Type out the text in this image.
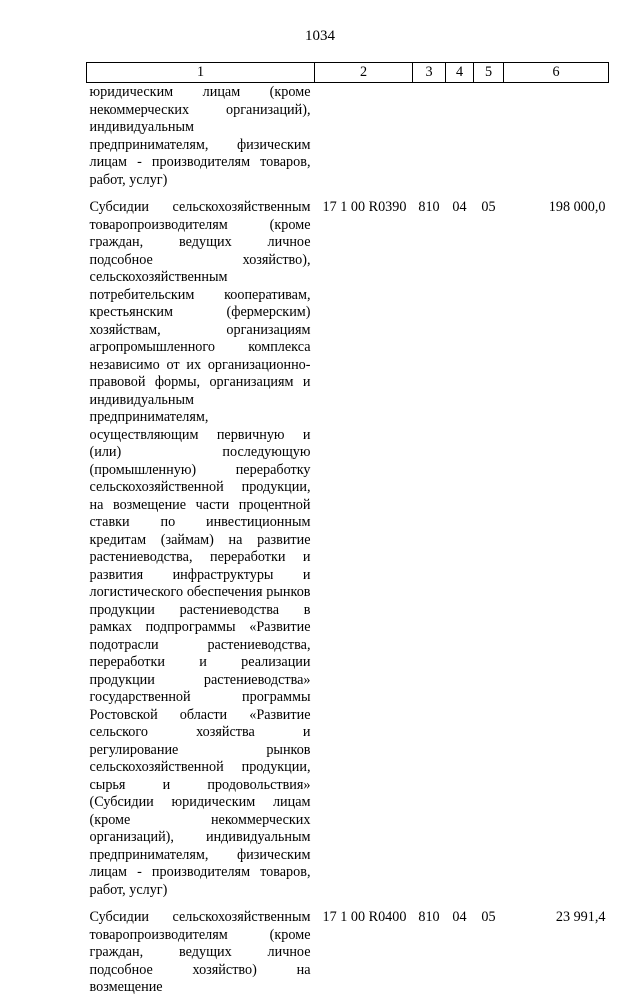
1034
1	2	3	4	5	6
юридическим лицам (кроме некоммерческих организаций), индивидуальным предпринимателям, физическим лицам - производителям товаров, работ, услуг)					
Субсидии сельскохозяйственным товаропроизводителям (кроме граждан, ведущих личное подсобное хозяйство), сельскохозяйственным потребительским кооперативам, крестьянским (фермерским) хозяйствам, организациям агропромышленного комплекса независимо от их организационно-правовой формы, организациям и индивидуальным предпринимателям, осуществляющим первичную и (или) последующую (промышленную) переработку сельскохозяйственной продукции, на возмещение части процентной ставки по инвестиционным кредитам (займам) на развитие растениеводства, переработки и развития инфраструктуры и логистического обеспечения рынков продукции растениеводства в рамках подпрограммы «Развитие подотрасли растениеводства, переработки и реализации продукции растениеводства» государственной программы Ростовской области «Развитие сельского хозяйства и регулирование рынков сельскохозяйственной продукции, сырья и продовольствия» (Субсидии юридическим лицам (кроме некоммерческих организаций), индивидуальным предпринимателям, физическим лицам - производителям товаров, работ, услуг)	17 1 00 R0390	810	04	05	198 000,0
Субсидии сельскохозяйственным товаропроизводителям (кроме граждан, ведущих личное подсобное хозяйство) на возмещение	17 1 00 R0400	810	04	05	23 991,4
